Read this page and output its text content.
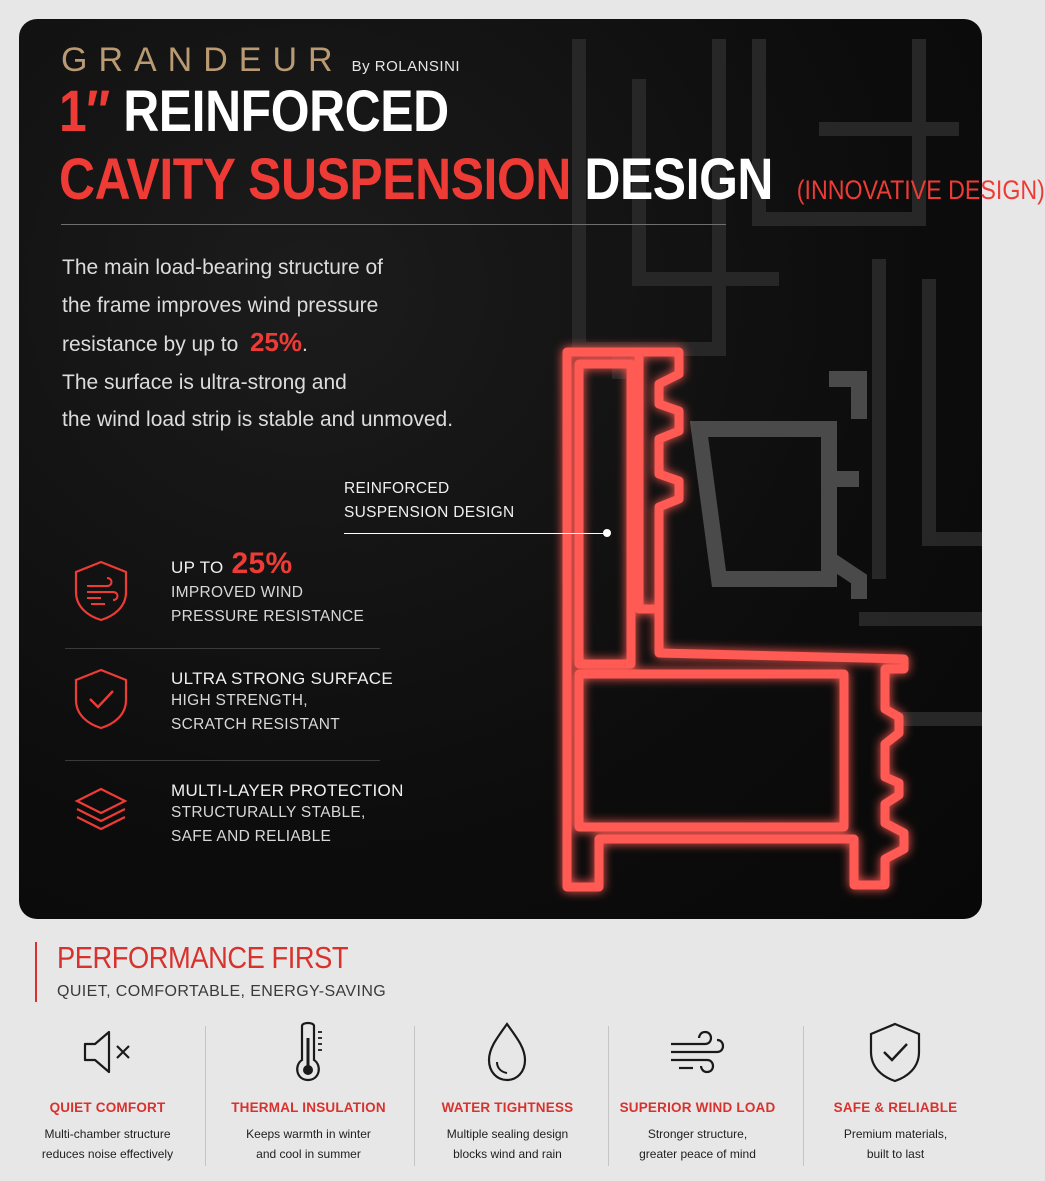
GRANDEUR By ROLANSINI
1″ REINFORCED
CAVITY SUSPENSION DESIGN (INNOVATIVE DESIGN)
The main load-bearing structure of
the frame improves wind pressure
resistance by up to 25%.
The surface is ultra-strong and
the wind load strip is stable and unmoved.
REINFORCED
SUSPENSION DESIGN
UP TO 25%
IMPROVED WIND
PRESSURE RESISTANCE
ULTRA STRONG SURFACE
HIGH STRENGTH,
SCRATCH RESISTANT
MULTI-LAYER PROTECTION
STRUCTURALLY STABLE,
SAFE AND RELIABLE
PERFORMANCE FIRST
QUIET, COMFORTABLE, ENERGY-SAVING
QUIET COMFORT
Multi-chamber structure
reduces noise effectively
THERMAL INSULATION
Keeps warmth in winter
and cool in summer
WATER TIGHTNESS
Multiple sealing design
blocks wind and rain
SUPERIOR WIND LOAD
Stronger structure,
greater peace of mind
SAFE & RELIABLE
Premium materials,
built to last
